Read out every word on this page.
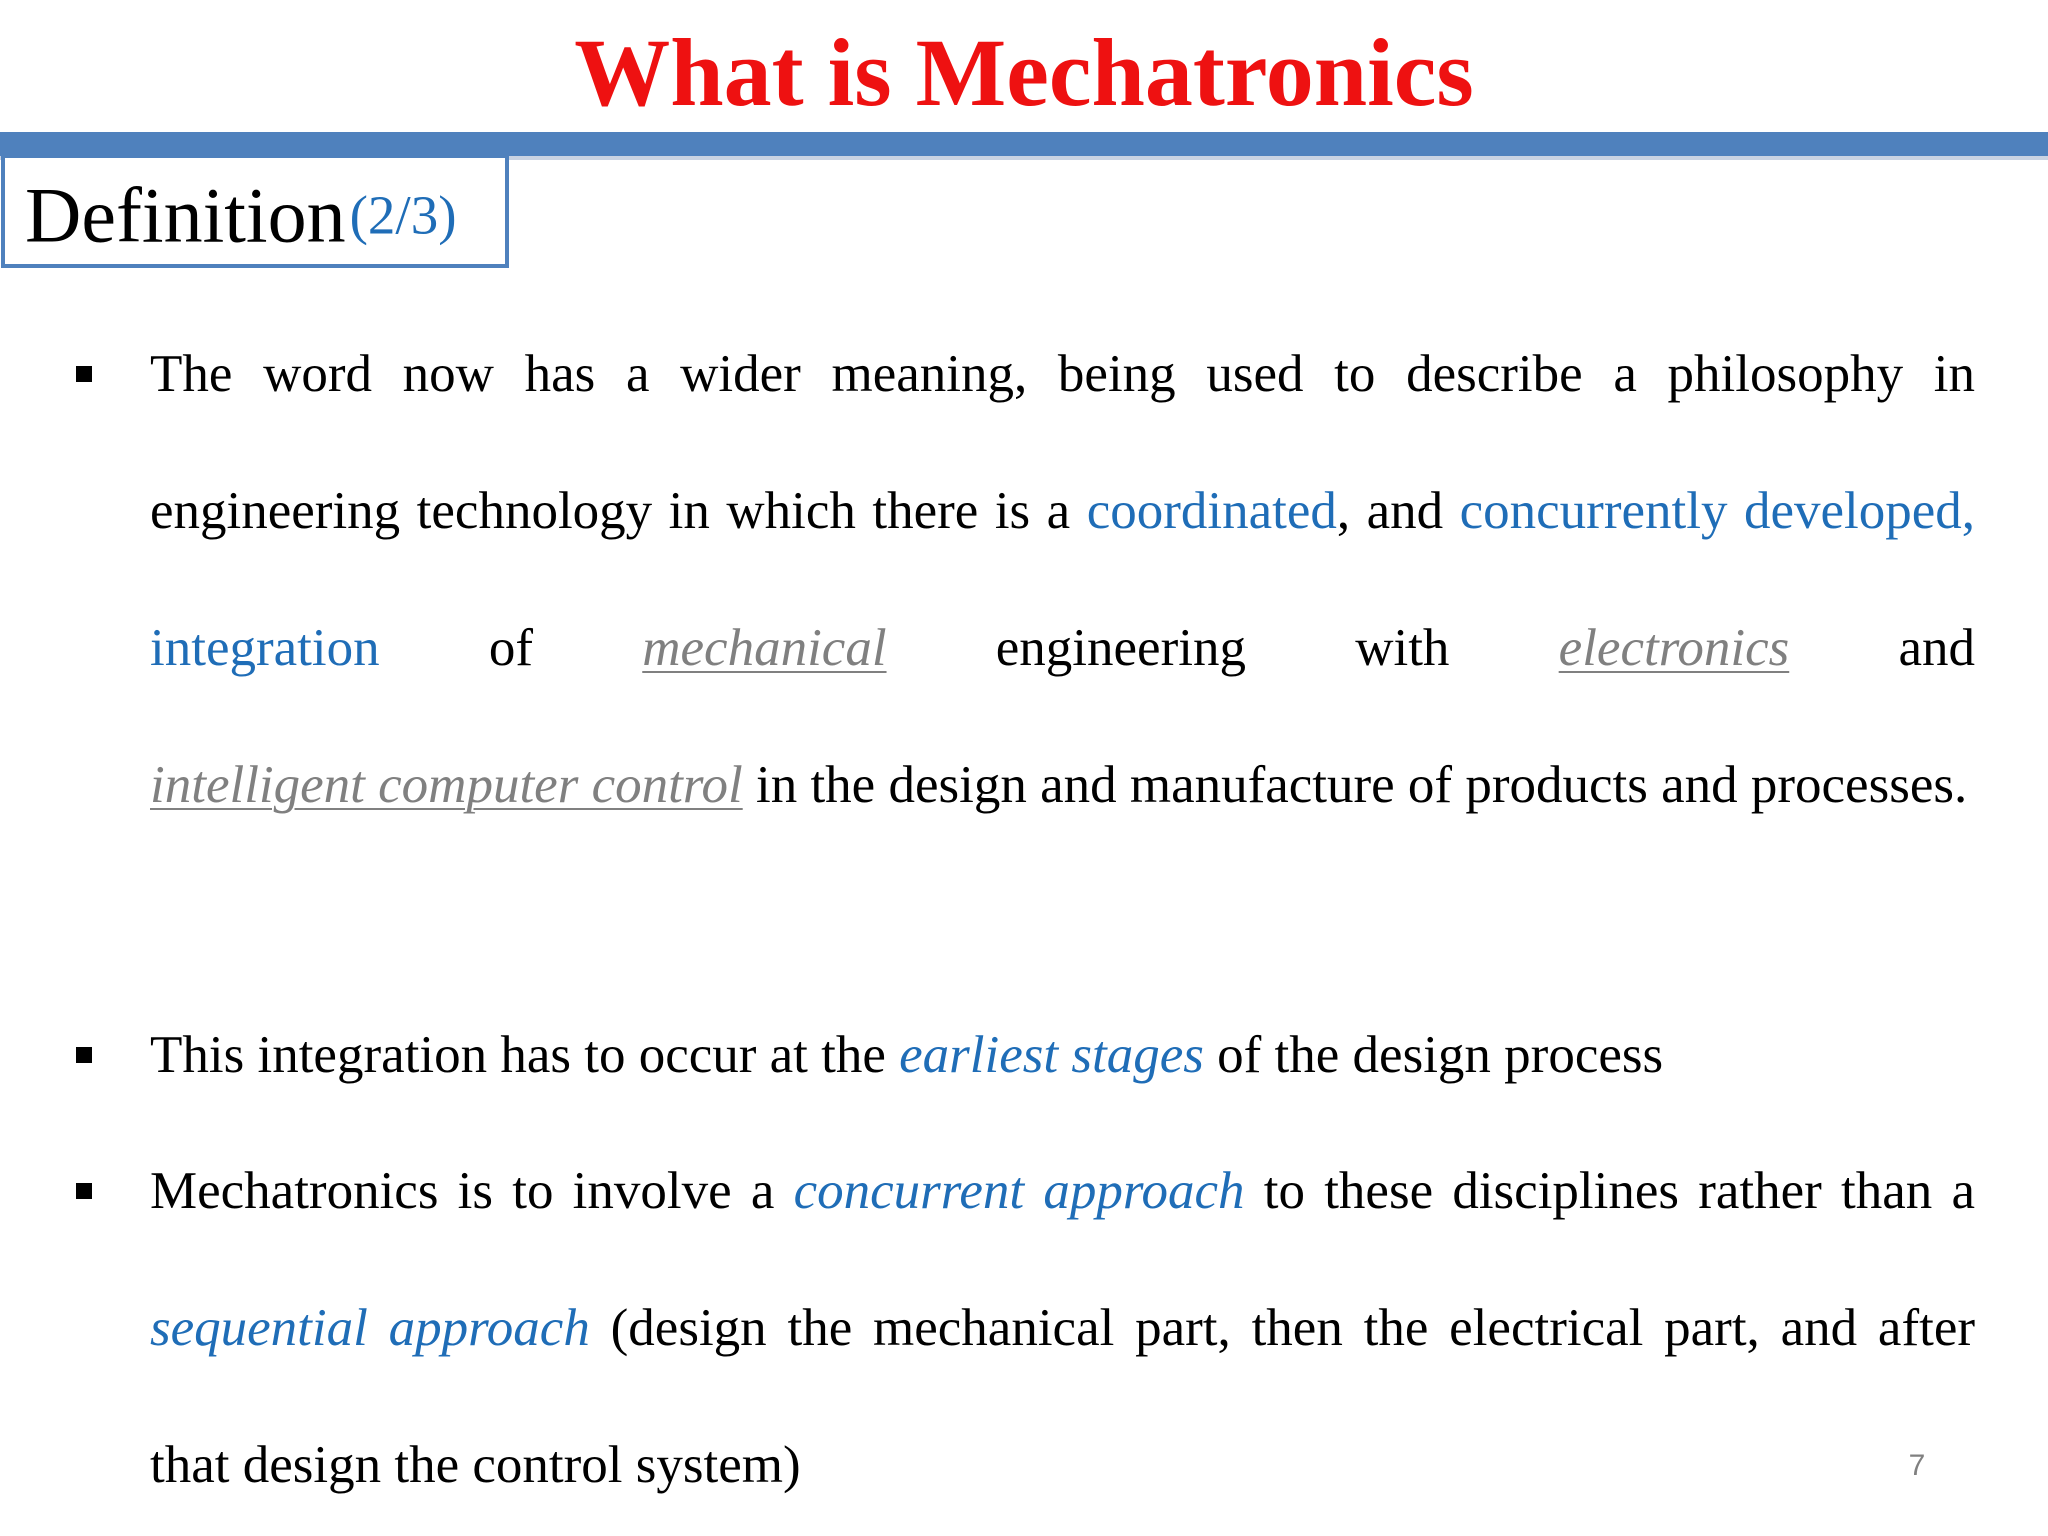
What is Mechatronics
Definition (2/3)
The word now has a wider meaning, being used to describe a philosophy in engineering technology in which there is a coordinated, and concurrently developed, integration of mechanical engineering with electronics and intelligent computer control in the design and manufacture of products and processes.
This integration has to occur at the earliest stages of the design process
Mechatronics is to involve a concurrent approach to these disciplines rather than a sequential approach (design the mechanical part, then the electrical part, and after that design the control system)	7
